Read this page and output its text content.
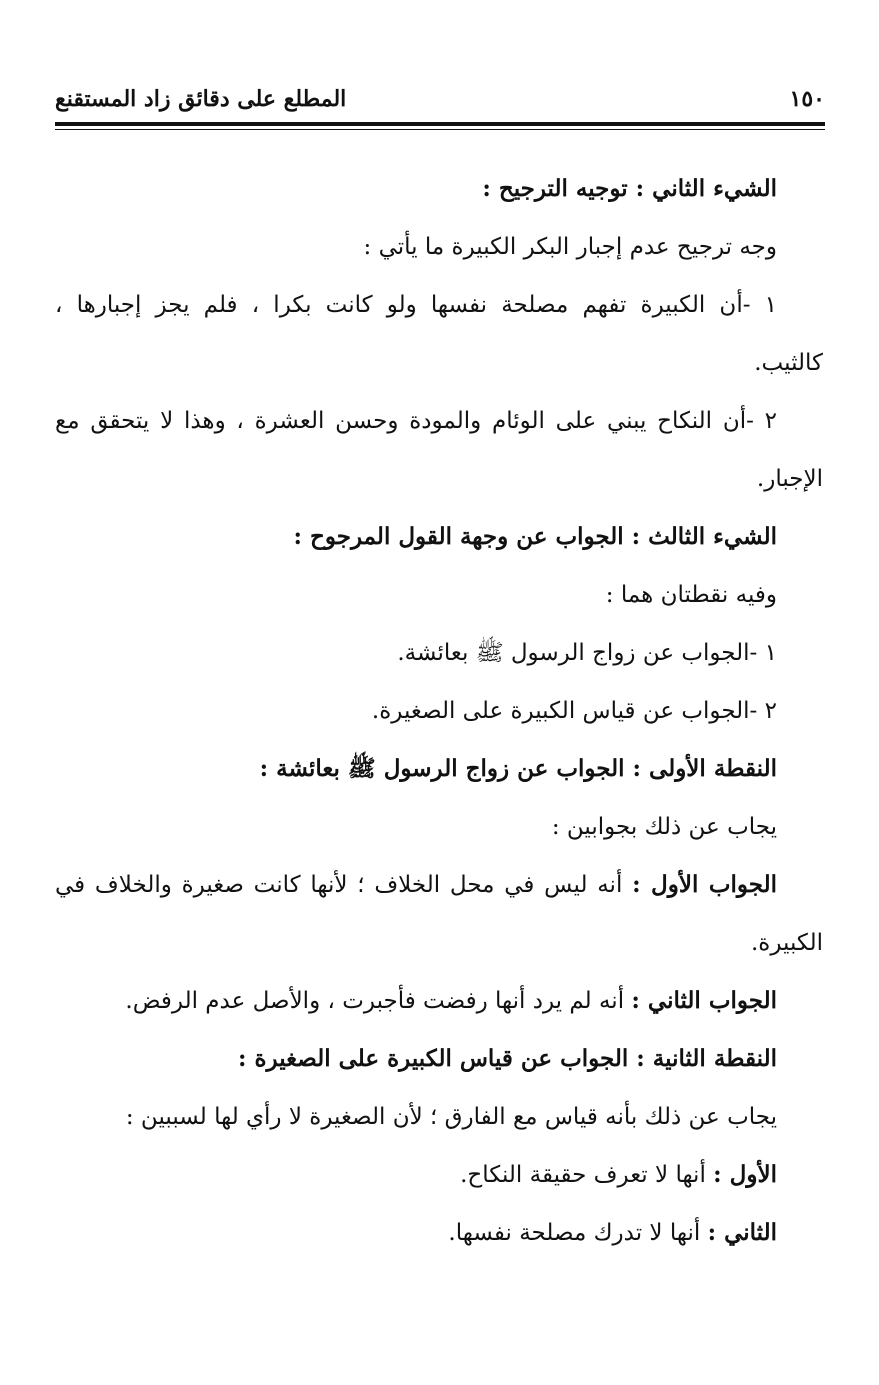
المطلع على دقائق زاد المستقنع	١٥٠
الشيء الثاني : توجيه الترجيح :
وجه ترجيح عدم إجبار البكر الكبيرة ما يأتي :
١ -أن الكبيرة تفهم مصلحة نفسها ولو كانت بكرا ، فلم يجز إجبارها ،
كالثيب.
٢ -أن النكاح يبني على الوئام والمودة وحسن العشرة ، وهذا لا يتحقق مع
الإجبار.
الشيء الثالث : الجواب عن وجهة القول المرجوح :
وفيه نقطتان هما :
١ -الجواب عن زواج الرسول ﷺ بعائشة.
٢ -الجواب عن قياس الكبيرة على الصغيرة.
النقطة الأولى : الجواب عن زواج الرسول ﷺ بعائشة :
يجاب عن ذلك بجوابين :
الجواب الأول : أنه ليس في محل الخلاف ؛ لأنها كانت صغيرة والخلاف في
الكبيرة.
الجواب الثاني : أنه لم يرد أنها رفضت فأجبرت ، والأصل عدم الرفض.
النقطة الثانية : الجواب عن قياس الكبيرة على الصغيرة :
يجاب عن ذلك بأنه قياس مع الفارق ؛ لأن الصغيرة لا رأي لها لسببين :
الأول : أنها لا تعرف حقيقة النكاح.
الثاني : أنها لا تدرك مصلحة نفسها.
